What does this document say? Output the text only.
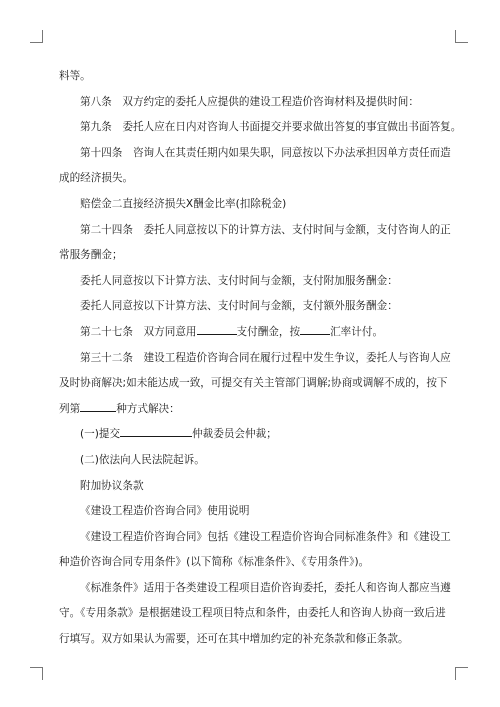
料等。

第八条　双方约定的委托人应提供的建设工程造价咨询材料及提供时间：

第九条　委托人应在日内对咨询人书面提交并要求做出答复的事宜做出书面答复。

第十四条　咨询人在其责任期内如果失职，同意按以下办法承担因单方责任而造

成的经济损失。

赔偿金二直接经济损失X酬金比率(扣除税金)

第二十四条　委托人同意按以下的计算方法、支付时间与金额，支付咨询人的正

常服务酬金；

委托人同意按以下计算方法、支付时间与金额，支付附加服务酬金：

委托人同意按以下计算方法、支付时间与金额，支付额外服务酬金：

第二十七条　双方同意用	支付酬金，按	汇率计付。

第三十二条　建设工程造价咨询合同在履行过程中发生争议，委托人与咨询人应

及时协商解决;如未能达成一致，可提交有关主管部门调解;协商或调解不成的，按下

列第	种方式解决：

(一)提交	仲裁委员会仲裁；

(二)依法向人民法院起诉。

附加协议条款

《建设工程造价咨询合同》使用说明

《建设工程造价咨询合同》包括《建设工程造价咨询合同标准条件》和《建设工

种造价咨询合同专用条件》(以下简称《标准条件》、《专用条件》)。

《标准条件》适用于各类建设工程项目造价咨询委托，委托人和咨询人都应当遵

守。《专用条款》是根据建设工程项目特点和条件，由委托人和咨询人协商一致后进

行填写。双方如果认为需要，还可在其中增加约定的补充条款和修正条款。
